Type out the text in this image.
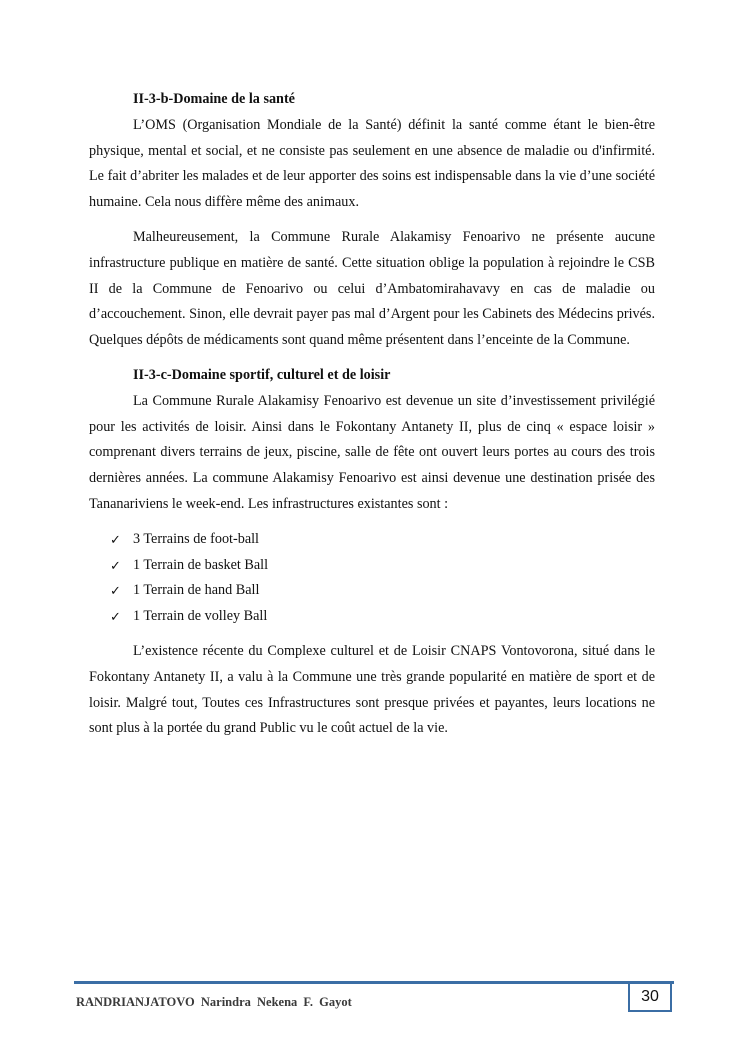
II-3-b-Domaine de la santé

L’OMS (Organisation Mondiale de la Santé) définit la santé comme étant le bien-être physique, mental et social, et ne consiste pas seulement en une absence de maladie ou d'infirmité. Le fait d’abriter les malades et de leur apporter des soins est indispensable dans la vie d’une société humaine. Cela nous diffère même des animaux.

Malheureusement, la Commune Rurale Alakamisy Fenoarivo ne présente aucune infrastructure publique en matière de santé. Cette situation oblige la population à rejoindre le CSB II de la Commune de Fenoarivo ou celui d’Ambatomirahavavy en cas de maladie ou d’accouchement. Sinon, elle devrait payer pas mal d’Argent pour les Cabinets des Médecins privés. Quelques dépôts de médicaments sont quand même présentent dans l’enceinte de la Commune.

II-3-c-Domaine sportif, culturel et de loisir

La Commune Rurale Alakamisy Fenoarivo est devenue un site d’investissement privilégié pour les activités de loisir. Ainsi dans le Fokontany Antanety II, plus de cinq « espace loisir » comprenant divers terrains de jeux, piscine, salle de fête ont ouvert leurs portes au cours des trois dernières années. La commune Alakamisy Fenoarivo est ainsi devenue une destination prisée des Tananariviens le week-end. Les infrastructures existantes sont :

✓ 3 Terrains de foot-ball
✓ 1 Terrain de basket Ball
✓ 1 Terrain de hand Ball
✓ 1 Terrain de volley Ball

L’existence récente du Complexe culturel et de Loisir CNAPS Vontovorona, situé dans le Fokontany Antanety II, a valu à la Commune une très grande popularité en matière de sport et de loisir. Malgré tout, Toutes ces Infrastructures sont presque privées et payantes, leurs locations ne sont plus à la portée du grand Public vu le coût actuel de la vie.

RANDRIANJATOVO Narindra Nekena F. Gayot	30
